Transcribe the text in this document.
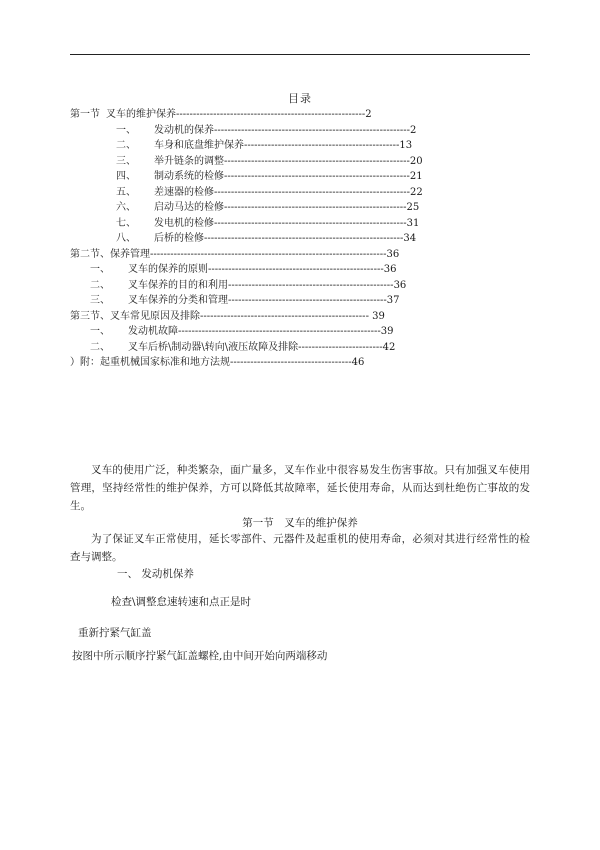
目录
第一节 叉车的维护保养--------------------------------------------------------2
一、 发动机的保养----------------------------------------------------------2
二、 车身和底盘维护保养----------------------------------------------13
三、 举升链条的调整-------------------------------------------------------20
四、 制动系统的检修-------------------------------------------------------21
五、 差速器的检修----------------------------------------------------------22
六、 启动马达的检修------------------------------------------------------25
七、 发电机的检修---------------------------------------------------------31
八、 后桥的检修-----------------------------------------------------------34
第二节、保养管理----------------------------------------------------------------------36
一、 叉车的保养的原则----------------------------------------------------36
二、 叉车保养的目的和利用-------------------------------------------------36
三、 叉车保养的分类和管理-----------------------------------------------37
第三节、叉车常见原因及排除-------------------------------------------------- 39
一、 发动机故障------------------------------------------------------------39
二、 叉车后桥\制动器\转向\液压故障及排除-------------------------42
）附：起重机械国家标准和地方法规------------------------------------46
叉车的使用广泛，种类繁杂，面广量多，叉车作业中很容易发生伤害事故。只有加强叉车使用管理，坚持经常性的维护保养，方可以降低其故障率，延长使用寿命，从而达到杜绝伤亡事故的发生。
第一节　叉车的维护保养
为了保证叉车正常使用，延长零部件、元器件及起重机的使用寿命，必须对其进行经常性的检查与调整。
一、 发动机保养
检查\调整怠速转速和点正是时
重新拧紧气缸盖
按图中所示顺序拧紧气缸盖螺栓,由中间开始向两端移动
